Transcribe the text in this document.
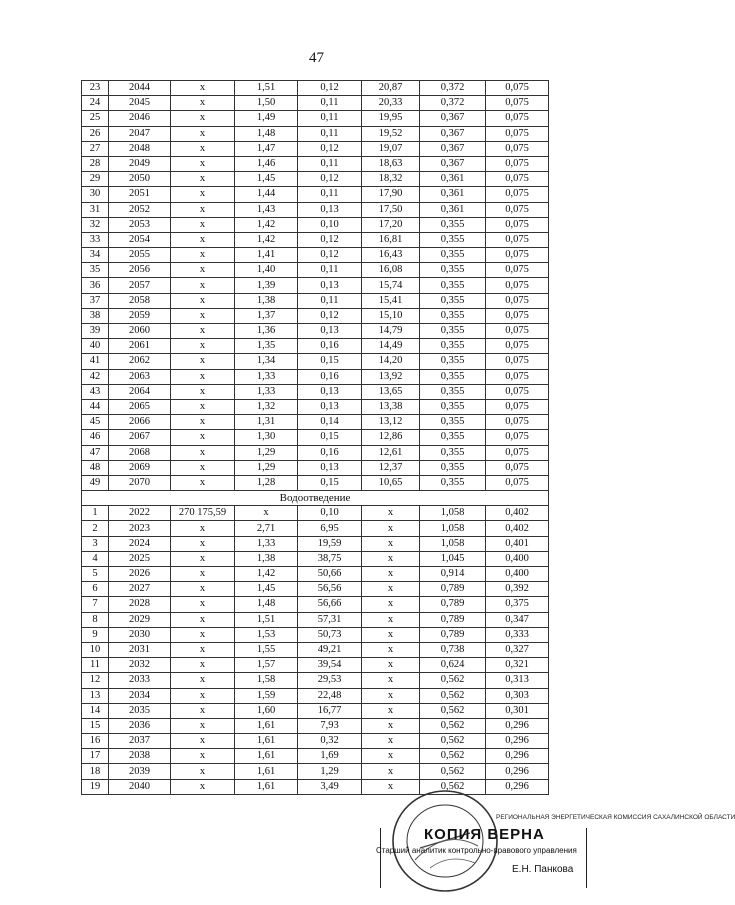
47
23	2044	x	1,51	0,12	20,87	0,372	0,075
24	2045	x	1,50	0,11	20,33	0,372	0,075
25	2046	x	1,49	0,11	19,95	0,367	0,075
26	2047	x	1,48	0,11	19,52	0,367	0,075
27	2048	x	1,47	0,12	19,07	0,367	0,075
28	2049	x	1,46	0,11	18,63	0,367	0,075
29	2050	x	1,45	0,12	18,32	0,361	0,075
30	2051	x	1,44	0,11	17,90	0,361	0,075
31	2052	x	1,43	0,13	17,50	0,361	0,075
32	2053	x	1,42	0,10	17,20	0,355	0,075
33	2054	x	1,42	0,12	16,81	0,355	0,075
34	2055	x	1,41	0,12	16,43	0,355	0,075
35	2056	x	1,40	0,11	16,08	0,355	0,075
36	2057	x	1,39	0,13	15,74	0,355	0,075
37	2058	x	1,38	0,11	15,41	0,355	0,075
38	2059	x	1,37	0,12	15,10	0,355	0,075
39	2060	x	1,36	0,13	14,79	0,355	0,075
40	2061	x	1,35	0,16	14,49	0,355	0,075
41	2062	x	1,34	0,15	14,20	0,355	0,075
42	2063	x	1,33	0,16	13,92	0,355	0,075
43	2064	x	1,33	0,13	13,65	0,355	0,075
44	2065	x	1,32	0,13	13,38	0,355	0,075
45	2066	x	1,31	0,14	13,12	0,355	0,075
46	2067	x	1,30	0,15	12,86	0,355	0,075
47	2068	x	1,29	0,16	12,61	0,355	0,075
48	2069	x	1,29	0,13	12,37	0,355	0,075
49	2070	x	1,28	0,15	10,65	0,355	0,075
Водоотведение							
1	2022	270 175,59	x	0,10	x	1,058	0,402
2	2023	x	2,71	6,95	x	1,058	0,402
3	2024	x	1,33	19,59	x	1,058	0,401
4	2025	x	1,38	38,75	x	1,045	0,400
5	2026	x	1,42	50,66	x	0,914	0,400
6	2027	x	1,45	56,56	x	0,789	0,392
7	2028	x	1,48	56,66	x	0,789	0,375
8	2029	x	1,51	57,31	x	0,789	0,347
9	2030	x	1,53	50,73	x	0,789	0,333
10	2031	x	1,55	49,21	x	0,738	0,327
11	2032	x	1,57	39,54	x	0,624	0,321
12	2033	x	1,58	29,53	x	0,562	0,313
13	2034	x	1,59	22,48	x	0,562	0,303
14	2035	x	1,60	16,77	x	0,562	0,301
15	2036	x	1,61	7,93	x	0,562	0,296
16	2037	x	1,61	0,32	x	0,562	0,296
17	2038	x	1,61	1,69	x	0,562	0,296
18	2039	x	1,61	1,29	x	0,562	0,296
19	2040	x	1,61	3,49	x	0,562	0,296
РЕГИОНАЛЬНАЯ ЭНЕРГЕТИЧЕСКАЯ КОМИССИЯ САХАЛИНСКОЙ ОБЛАСТИ
КОПИЯ ВЕРНА
Старший аналитик контрольно-правового управления
Е.Н. Панкова
